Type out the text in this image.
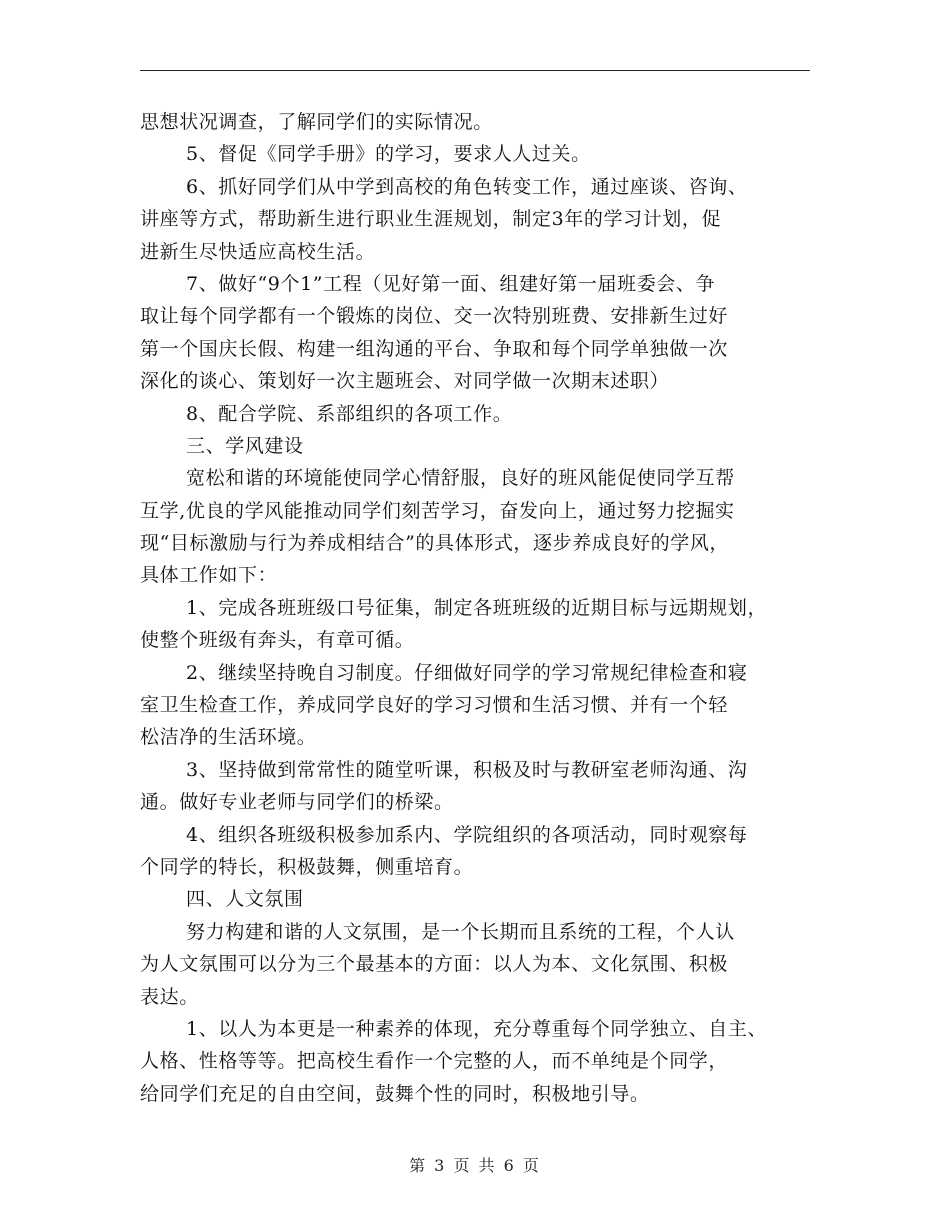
思想状况调查，了解同学们的实际情况。
5、督促《同学手册》的学习，要求人人过关。
6、抓好同学们从中学到高校的角色转变工作，通过座谈、咨询、
讲座等方式，帮助新生进行职业生涯规划，制定3年的学习计划，促
进新生尽快适应高校生活。
7、做好“9个1”工程（见好第一面、组建好第一届班委会、争
取让每个同学都有一个锻炼的岗位、交一次特别班费、安排新生过好
第一个国庆长假、构建一组沟通的平台、争取和每个同学单独做一次
深化的谈心、策划好一次主题班会、对同学做一次期末述职）
8、配合学院、系部组织的各项工作。
三、学风建设
宽松和谐的环境能使同学心情舒服，良好的班风能促使同学互帮
互学,优良的学风能推动同学们刻苦学习，奋发向上，通过努力挖掘实
现“目标激励与行为养成相结合”的具体形式，逐步养成良好的学风，
具体工作如下：
1、完成各班班级口号征集，制定各班班级的近期目标与远期规划，
使整个班级有奔头，有章可循。
2、继续坚持晚自习制度。仔细做好同学的学习常规纪律检查和寝
室卫生检查工作，养成同学良好的学习习惯和生活习惯、并有一个轻
松洁净的生活环境。
3、坚持做到常常性的随堂听课，积极及时与教研室老师沟通、沟
通。做好专业老师与同学们的桥梁。
4、组织各班级积极参加系内、学院组织的各项活动，同时观察每
个同学的特长，积极鼓舞，侧重培育。
四、人文氛围
努力构建和谐的人文氛围，是一个长期而且系统的工程，个人认
为人文氛围可以分为三个最基本的方面：以人为本、文化氛围、积极
表达。
1、以人为本更是一种素养的体现，充分尊重每个同学独立、自主、
人格、性格等等。把高校生看作一个完整的人，而不单纯是个同学，
给同学们充足的自由空间，鼓舞个性的同时，积极地引导。
第 3 页 共 6 页
